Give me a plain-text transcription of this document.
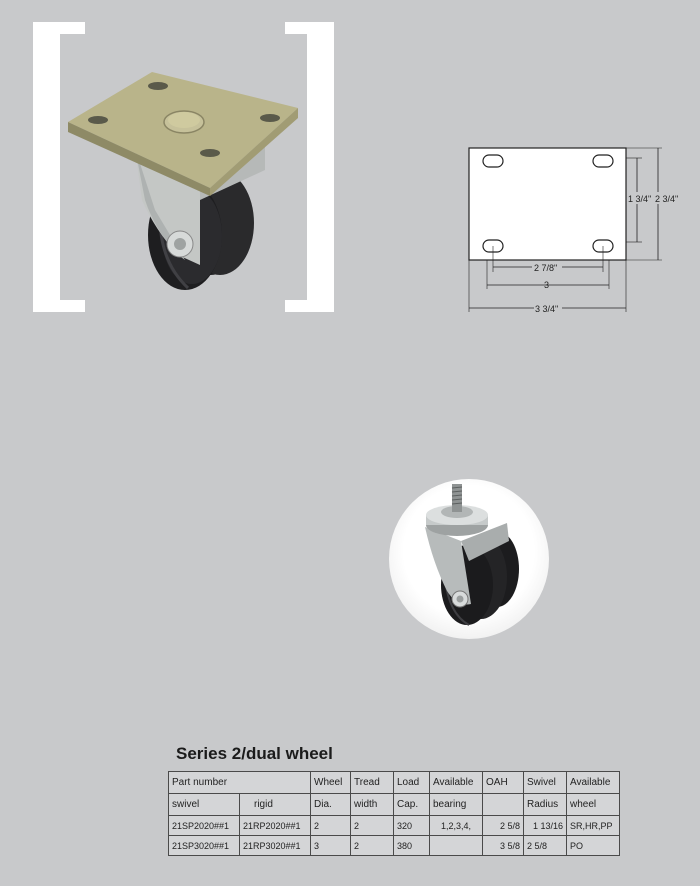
1 3/4" 2 3/4"
2 7/8"
3
3 3/4"
Series 2/dual wheel
Part number		Wheel	Tread	Load	Available	OAH	Swivel	Available
swivel	rigid	Dia.	width	Cap.	bearing		Radius	wheel
21SP2020##1	21RP2020##1	2	2	320	1,2,3,4,	2 5/8	1 13/16	SR,HR,PP
21SP3020##1	21RP3020##1	3	2	380		3 5/8	2 5/8	PO
